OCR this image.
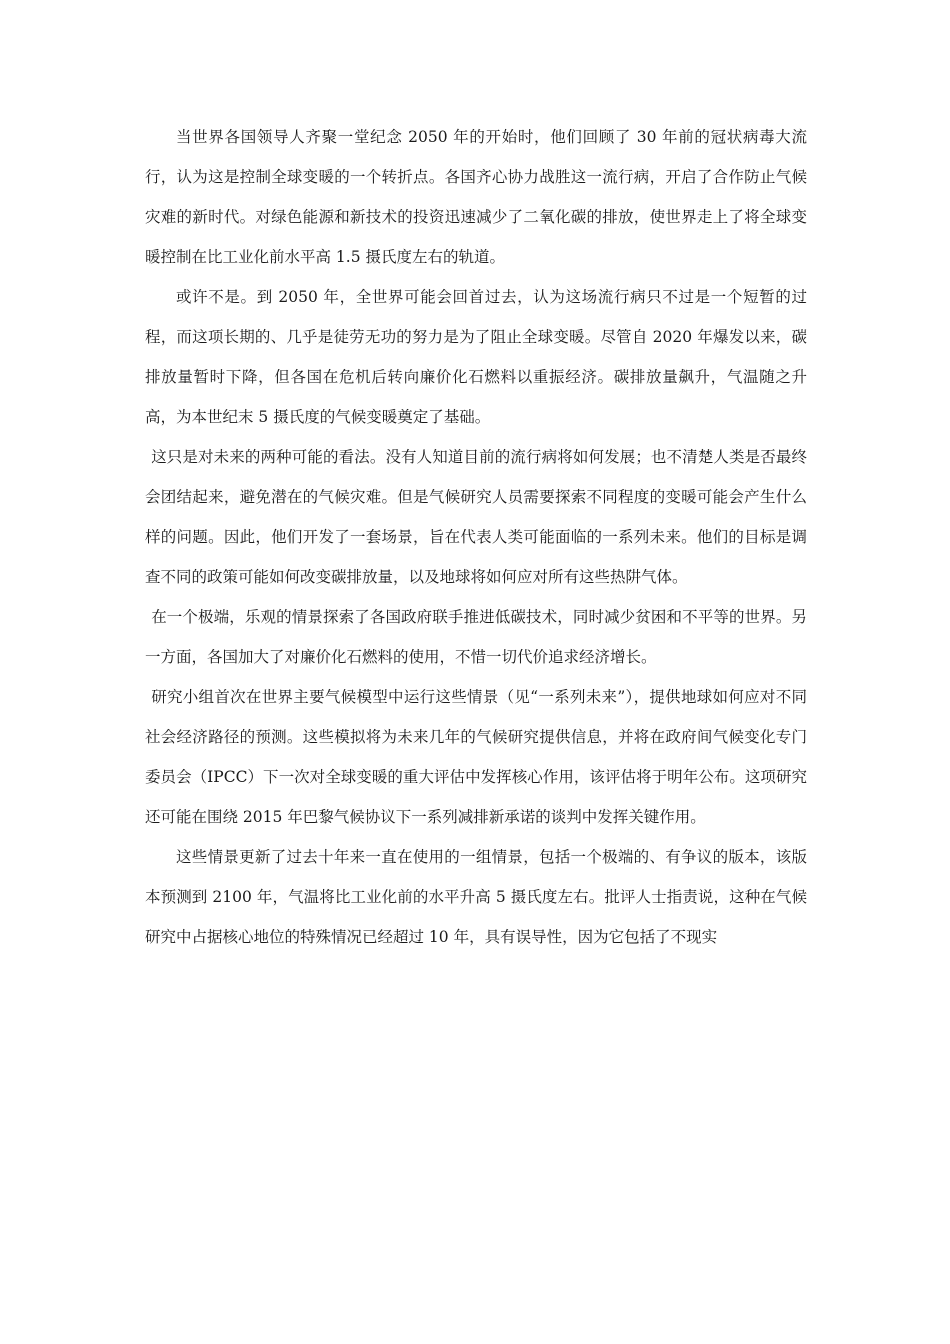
当世界各国领导人齐聚一堂纪念 2050 年的开始时，他们回顾了 30 年前的冠状病毒大流行，认为这是控制全球变暖的一个转折点。各国齐心协力战胜这一流行病，开启了合作防止气候灾难的新时代。对绿色能源和新技术的投资迅速减少了二氧化碳的排放，使世界走上了将全球变暖控制在比工业化前水平高 1.5 摄氏度左右的轨道。

或许不是。到 2050 年，全世界可能会回首过去，认为这场流行病只不过是一个短暂的过程，而这项长期的、几乎是徒劳无功的努力是为了阻止全球变暖。尽管自 2020 年爆发以来，碳排放量暂时下降，但各国在危机后转向廉价化石燃料以重振经济。碳排放量飙升，气温随之升高，为本世纪末 5 摄氏度的气候变暖奠定了基础。

这只是对未来的两种可能的看法。没有人知道目前的流行病将如何发展；也不清楚人类是否最终会团结起来，避免潜在的气候灾难。但是气候研究人员需要探索不同程度的变暖可能会产生什么样的问题。因此，他们开发了一套场景，旨在代表人类可能面临的一系列未来。他们的目标是调查不同的政策可能如何改变碳排放量，以及地球将如何应对所有这些热阱气体。

在一个极端，乐观的情景探索了各国政府联手推进低碳技术，同时减少贫困和不平等的世界。另一方面，各国加大了对廉价化石燃料的使用，不惜一切代价追求经济增长。

研究小组首次在世界主要气候模型中运行这些情景（见“一系列未来”），提供地球如何应对不同社会经济路径的预测。这些模拟将为未来几年的气候研究提供信息，并将在政府间气候变化专门委员会（IPCC）下一次对全球变暖的重大评估中发挥核心作用，该评估将于明年公布。这项研究还可能在围绕 2015 年巴黎气候协议下一系列减排新承诺的谈判中发挥关键作用。

这些情景更新了过去十年来一直在使用的一组情景，包括一个极端的、有争议的版本，该版本预测到 2100 年，气温将比工业化前的水平升高 5 摄氏度左右。批评人士指责说，这种在气候研究中占据核心地位的特殊情况已经超过 10 年，具有误导性，因为它包括了不现实
